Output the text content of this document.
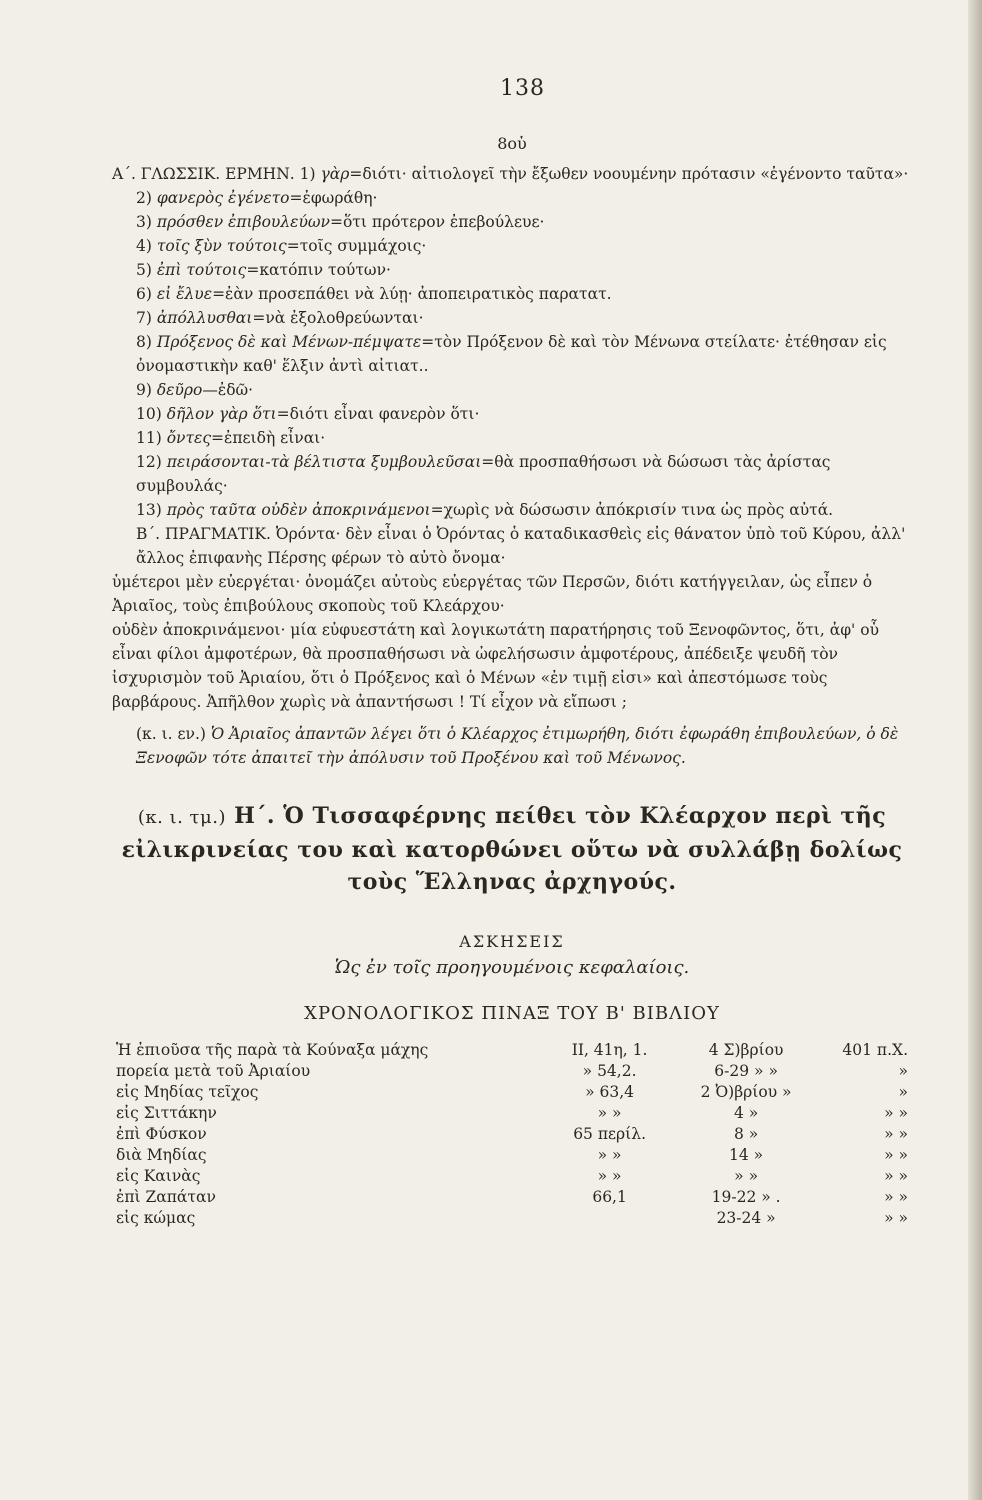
138
8οὑ
Α΄. ΓΛΩΣΣΙΚ. ΕΡΜΗΝ. 1) γὰρ=διότι· αἰτιολογεῖ τὴν ἔξωθεν νοουμένην πρότασιν «ἐγένοντο ταῦτα»·
2) φανερὸς ἐγένετο=ἐφωράθη·
3) πρόσθεν ἐπιβουλεύων=ὅτι πρότερον ἐπεβούλευε·
4) τοῖς ξὺν τούτοις=τοῖς συμμάχοις·
5) ἐπὶ τούτοις=κατόπιν τούτων·
6) εἰ ἔλυε=ἐὰν προσεπάθει νὰ λύῃ· ἀποπειρατικὸς παρατατ.
7) ἀπόλλυσθαι=νὰ ἐξολοθρεύωνται·
8) Πρόξενος δὲ καὶ Μένων-πέμψατε=τὸν Πρόξενον δὲ καὶ τὸν Μένωνα στείλατε· ἐτέθησαν εἰς ὀνομαστικὴν καθ' ἕλξιν ἀντὶ αἰτιατ..
9) δεῦρο—ἐδῶ·
10) δῆλον γὰρ ὅτι=διότι εἶναι φανερὸν ὅτι·
11) ὄντες=ἐπειδὴ εἶναι·
12) πειράσονται-τὰ βέλτιστα ξυμβουλεῦσαι=θὰ προσπαθήσωσι νὰ δώσωσι τὰς ἀρίστας συμβουλάς·
13) πρὸς ταῦτα οὐδὲν ἀποκρινάμενοι=χωρὶς νὰ δώσωσιν ἀπόκρισίν τινα ὡς πρὸς αὐτά.
Β΄. ΠΡΑΓΜΑΤΙΚ. Ὀρόντα· δὲν εἶναι ὁ Ὀρόντας ὁ καταδικασθεὶς εἰς θάνατον ὑπὸ τοῦ Κύρου, ἀλλ' ἄλλος ἐπιφανὴς Πέρσης φέρων τὸ αὐτὸ ὄνομα·
ὑμέτεροι μὲν εὐεργέται· ὀνομάζει αὐτοὺς εὐεργέτας τῶν Περσῶν, διότι κατήγγειλαν, ὡς εἶπεν ὁ Ἀριαῖος, τοὺς ἐπιβούλους σκοποὺς τοῦ Κλεάρχου·
οὐδὲν ἀποκρινάμενοι· μία εὐφυεστάτη καὶ λογικωτάτη παρατήρησις τοῦ Ξενοφῶντος, ὅτι, ἀφ' οὗ εἶναι φίλοι ἀμφοτέρων, θὰ προσπαθήσωσι νὰ ὠφελήσωσιν ἀμφοτέρους, ἀπέδειξε ψευδῆ τὸν ἰσχυρισμὸν τοῦ Ἀριαίου, ὅτι ὁ Πρόξενος καὶ ὁ Μένων «ἐν τιμῇ εἰσι» καὶ ἀπεστόμωσε τοὺς βαρβάρους. Ἀπῆλθον χωρὶς νὰ ἀπαντήσωσι ! Τί εἶχον νὰ εἴπωσι ;
(κ. ι. εν.) Ὁ Ἀριαῖος ἀπαντῶν λέγει ὅτι ὁ Κλέαρχος ἐτιμωρήθη, διότι ἐφωράθη ἐπιβουλεύων, ὁ δὲ Ξενοφῶν τότε ἀπαιτεῖ τὴν ἀπόλυσιν τοῦ Προξένου καὶ τοῦ Μένωνος.
(κ. ι. τμ.) Η΄. Ὁ Τισσαφέρνης πείθει τὸν Κλέαρχον περὶ τῆς εἰλικρινείας του καὶ κατορθώνει οὕτω νὰ συλλάβῃ δολίως τοὺς Ἕλληνας ἀρχηγούς.
ΑΣΚΗΣΕΙΣ
Ὡς ἐν τοῖς προηγουμένοις κεφαλαίοις.
ΧΡΟΝΟΛΟΓΙΚΟΣ ΠΙΝΑΞ ΤΟΥ Β' ΒΙΒΛΙΟΥ
Ἡ ἐπιοῦσα τῆς παρὰ τὰ Κούναξα μάχης	ΙΙ, 41η, 1.	4 Σ)βρίου	401 π.Χ.
πορεία μετὰ τοῦ Ἀριαίου	» 54,2.	6-29 » »	»
εἰς Μηδίας τεῖχος	» 63,4	2 Ὀ)βρίου »	»
εἰς Σιττάκην	» »	4 »	» »
ἐπὶ Φύσκον	65 περίλ.	8 »	» »
διὰ Μηδίας	» »	14 »	» »
εἰς Καινὰς	» »	» »	» »
ἐπὶ Ζαπάταν	66,1	19-22 » .	» »
εἰς κώμας		23-24 »	» »
